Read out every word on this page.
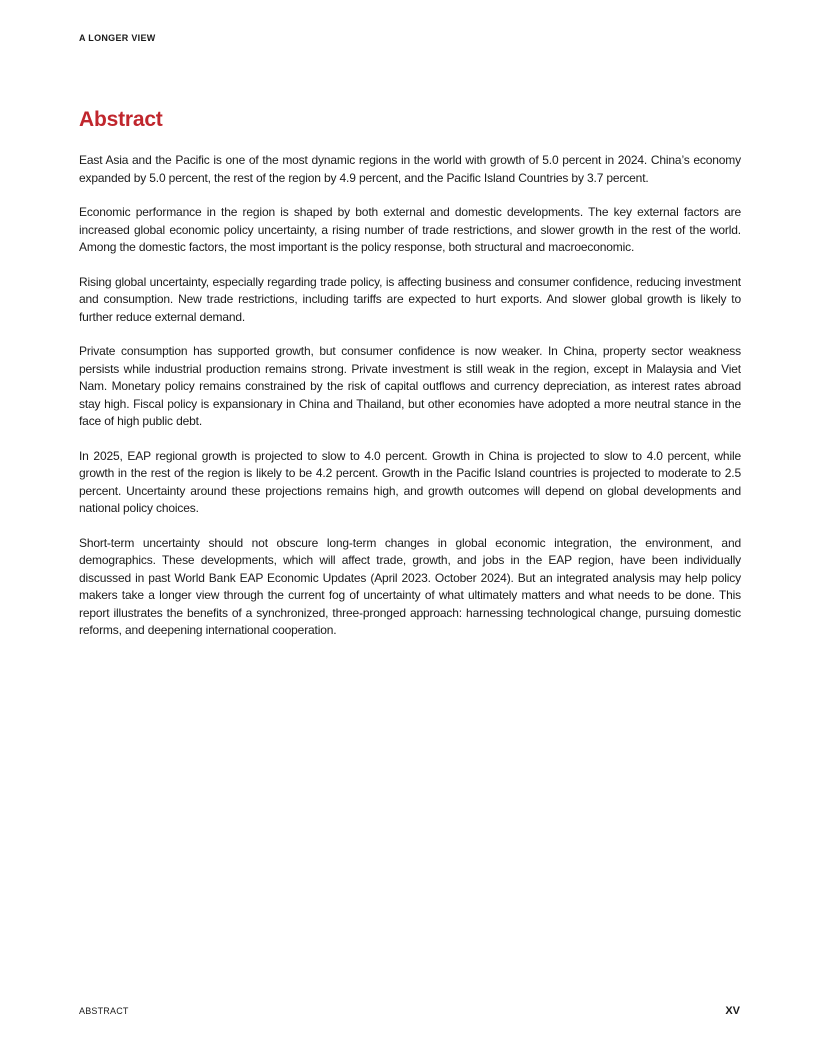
A LONGER VIEW
Abstract

East Asia and the Pacific is one of the most dynamic regions in the world with growth of 5.0 percent in 2024. China’s economy expanded by 5.0 percent, the rest of the region by 4.9 percent, and the Pacific Island Countries by 3.7 percent.

Economic performance in the region is shaped by both external and domestic developments. The key external factors are increased global economic policy uncertainty, a rising number of trade restrictions, and slower growth in the rest of the world. Among the domestic factors, the most important is the policy response, both structural and macroeconomic.

Rising global uncertainty, especially regarding trade policy, is affecting business and consumer confidence, reducing investment and consumption. New trade restrictions, including tariffs are expected to hurt exports. And slower global growth is likely to further reduce external demand.

Private consumption has supported growth, but consumer confidence is now weaker. In China, property sector weakness persists while industrial production remains strong. Private investment is still weak in the region, except in Malaysia and Viet Nam. Monetary policy remains constrained by the risk of capital outflows and currency depreciation, as interest rates abroad stay high. Fiscal policy is expansionary in China and Thailand, but other economies have adopted a more neutral stance in the face of high public debt.

In 2025, EAP regional growth is projected to slow to 4.0 percent. Growth in China is projected to slow to 4.0 percent, while growth in the rest of the region is likely to be 4.2 percent. Growth in the Pacific Island countries is projected to moderate to 2.5 percent. Uncertainty around these projections remains high, and growth outcomes will depend on global developments and national policy choices.

Short-term uncertainty should not obscure long-term changes in global economic integration, the environment, and demographics. These developments, which will affect trade, growth, and jobs in the EAP region, have been individually discussed in past World Bank EAP Economic Updates (April 2023. October 2024). But an integrated analysis may help policy makers take a longer view through the current fog of uncertainty of what ultimately matters and what needs to be done. This report illustrates the benefits of a synchronized, three-pronged approach: harnessing technological change, pursuing domestic reforms, and deepening international cooperation.

ABSTRACT	XV
